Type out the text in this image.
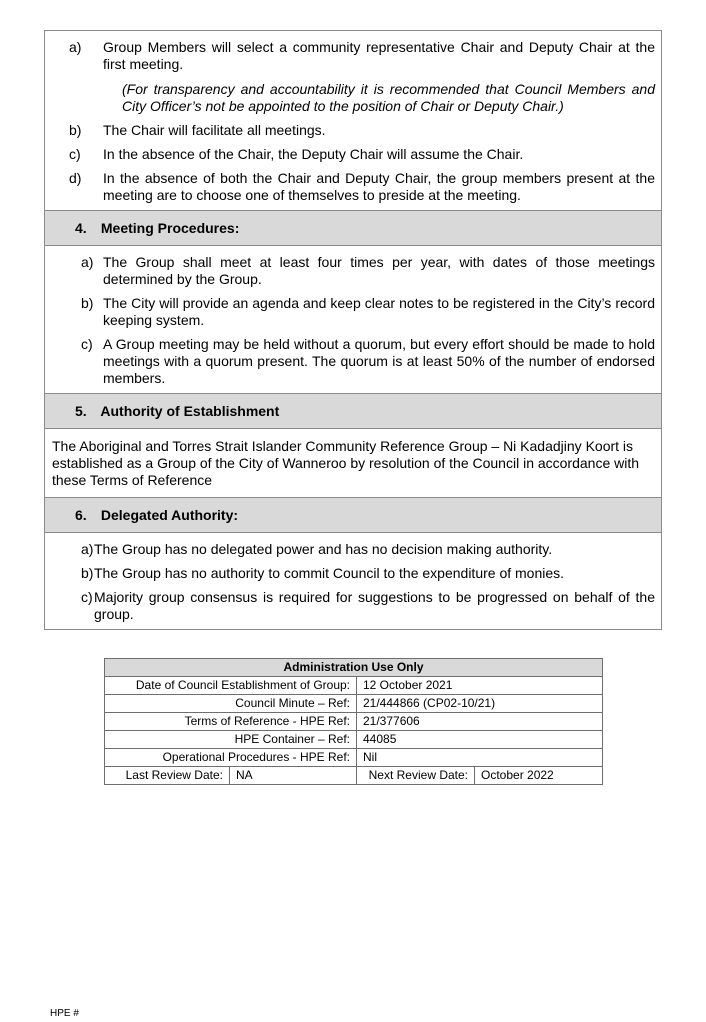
a)	Group Members will select a community representative Chair and Deputy Chair at the first meeting.
(For transparency and accountability it is recommended that Council Members and City Officer’s not be appointed to the position of Chair or Deputy Chair.)
b)	The Chair will facilitate all meetings.
c)	In the absence of the Chair, the Deputy Chair will assume the Chair.
d)	In the absence of both the Chair and Deputy Chair, the group members present at the meeting are to choose one of themselves to preside at the meeting.
4. Meeting Procedures:
a) The Group shall meet at least four times per year, with dates of those meetings determined by the Group.
b) The City will provide an agenda and keep clear notes to be registered in the City’s record keeping system.
c) A Group meeting may be held without a quorum, but every effort should be made to hold meetings with a quorum present. The quorum is at least 50% of the number of endorsed members.
5. Authority of Establishment
The Aboriginal and Torres Strait Islander Community Reference Group – Ni Kadadjiny Koort is established as a Group of the City of Wanneroo by resolution of the Council in accordance with these Terms of Reference
6. Delegated Authority:
a) The Group has no delegated power and has no decision making authority.
b) The Group has no authority to commit Council to the expenditure of monies.
c) Majority group consensus is required for suggestions to be progressed on behalf of the group.
Administration Use Only			
Date of Council Establishment of Group:		12 October 2021	
Council Minute – Ref:		21/444866 (CP02-10/21)	
Terms of Reference - HPE Ref:		21/377606	
HPE Container – Ref:		44085	
Operational Procedures - HPE Ref:		Nil	
Last Review Date:	NA	Next Review Date:	October 2022
HPE #
